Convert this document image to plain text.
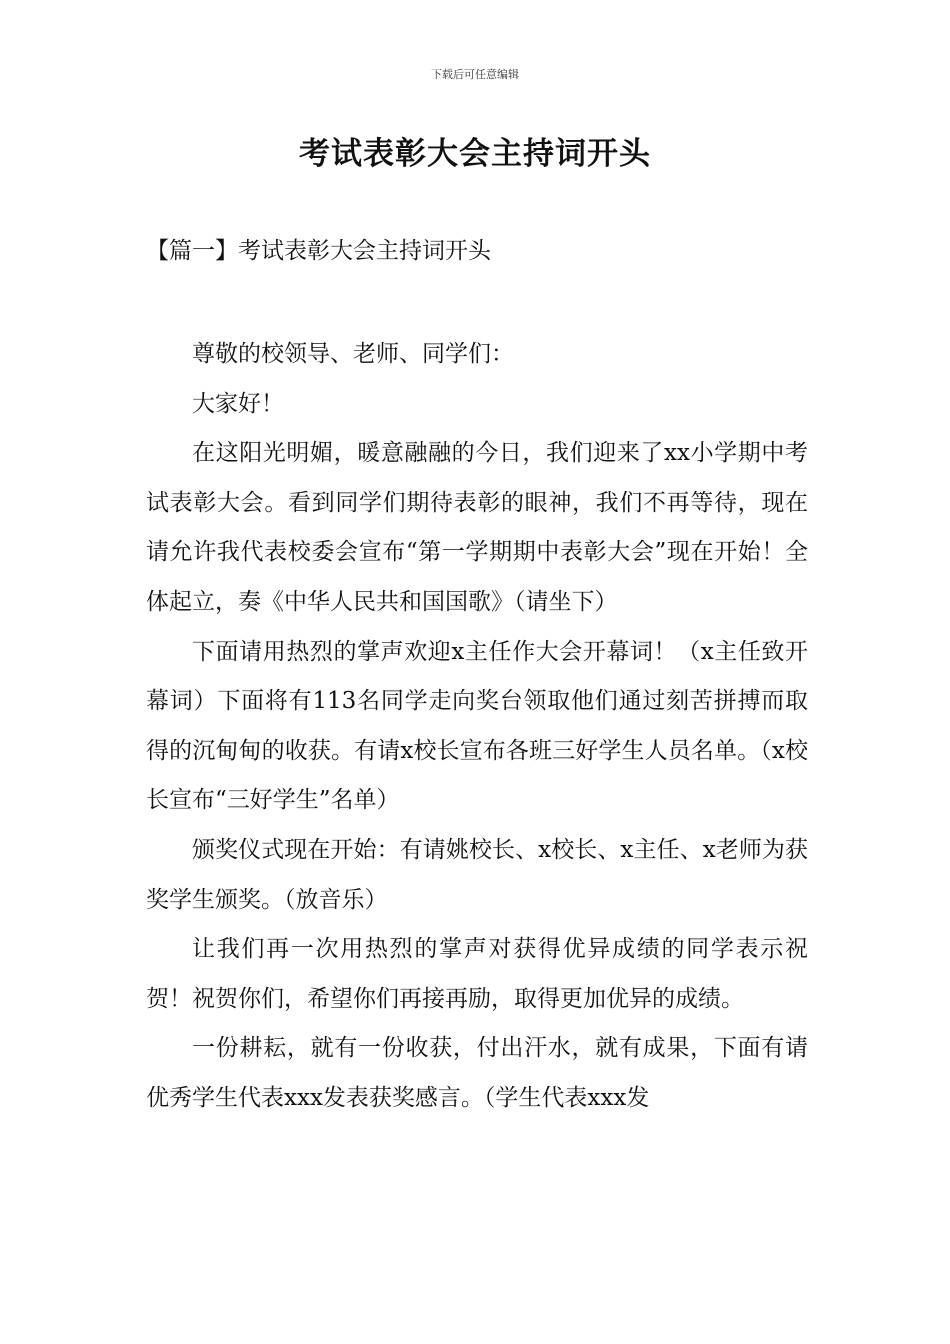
下载后可任意编辑
考试表彰大会主持词开头
【篇一】考试表彰大会主持词开头

尊敬的校领导、老师、同学们：

大家好！

在这阳光明媚，暖意融融的今日，我们迎来了xx小学期中考试表彰大会。看到同学们期待表彰的眼神，我们不再等待，现在请允许我代表校委会宣布“第一学期期中表彰大会”现在开始！全体起立，奏《中华人民共和国国歌》（请坐下）

下面请用热烈的掌声欢迎x主任作大会开幕词！（x主任致开幕词）下面将有113名同学走向奖台领取他们通过刻苦拼搏而取得的沉甸甸的收获。有请x校长宣布各班三好学生人员名单。（x校长宣布“三好学生”名单）

颁奖仪式现在开始：有请姚校长、x校长、x主任、x老师为获奖学生颁奖。（放音乐）

让我们再一次用热烈的掌声对获得优异成绩的同学表示祝贺！祝贺你们，希望你们再接再励，取得更加优异的成绩。

一份耕耘，就有一份收获，付出汗水，就有成果，下面有请优秀学生代表xxx发表获奖感言。（学生代表xxx发
